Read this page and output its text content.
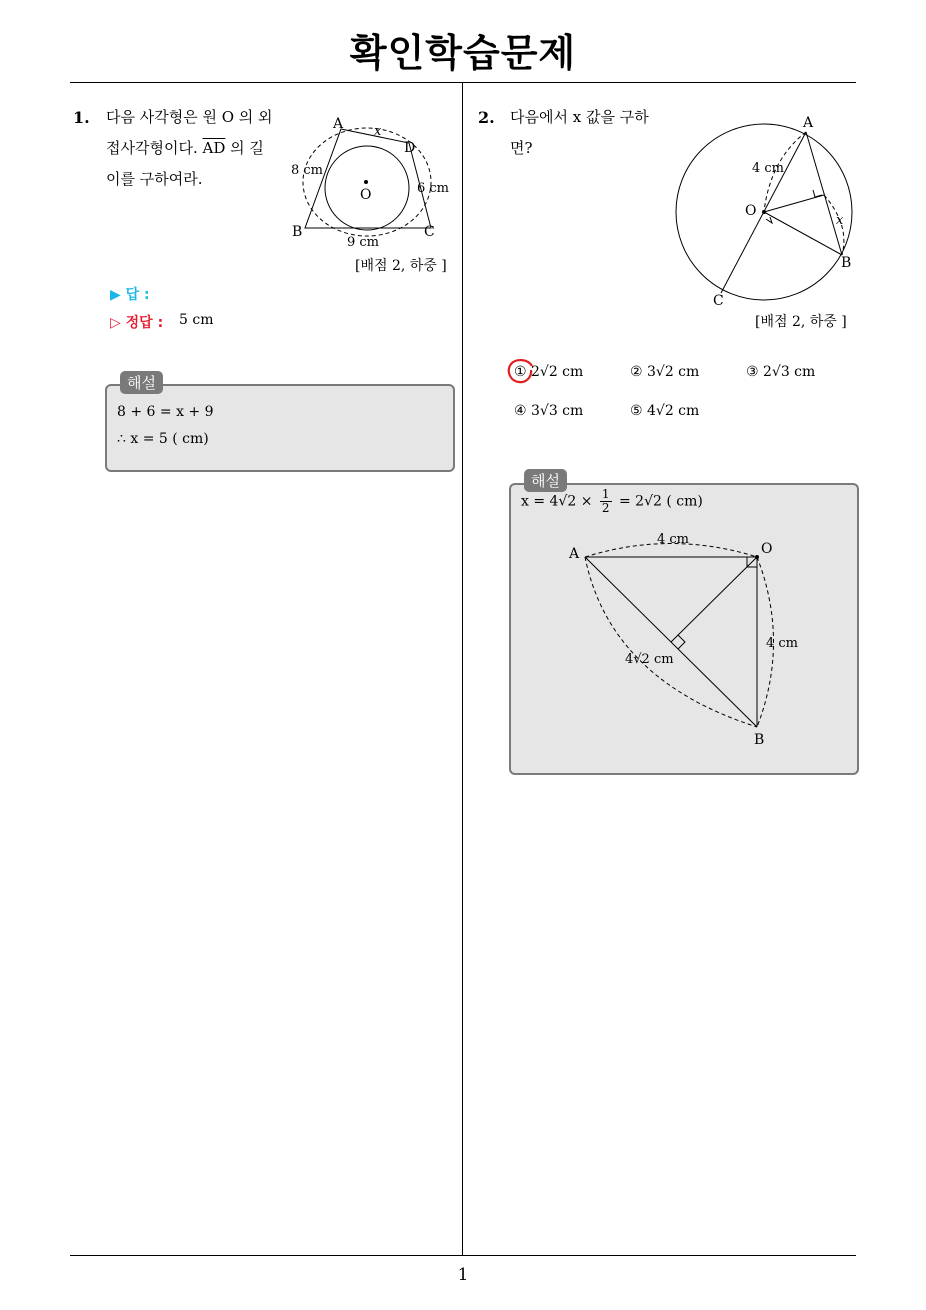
확인학습문제
1. 다음 사각형은 원 O 의 외
접사각형이다. $\overline{AD}$ 의 길
이를 구하여라.
A
D
B	C
O
x
8 cm
6 cm
9 cm
[배점 2, 하중 ]
▶ 답 :
▷ 정답 : 5 cm
해설
8 + 6 = x + 9
∴ x = 5 ( cm)
2. 다음에서 x 값을 구하
면?
A
O
B
C
x
4 cm
[배점 2, 하중 ]
① 2√2 cm	② 3√2 cm	③ 2√3 cm
④ 3√3 cm	⑤ 4√2 cm
해설
$x = 4√2 \times \frac{1}{2} = 2√2$ ( cm)
A	O
B
4 cm
4 cm
4√2 cm
1
